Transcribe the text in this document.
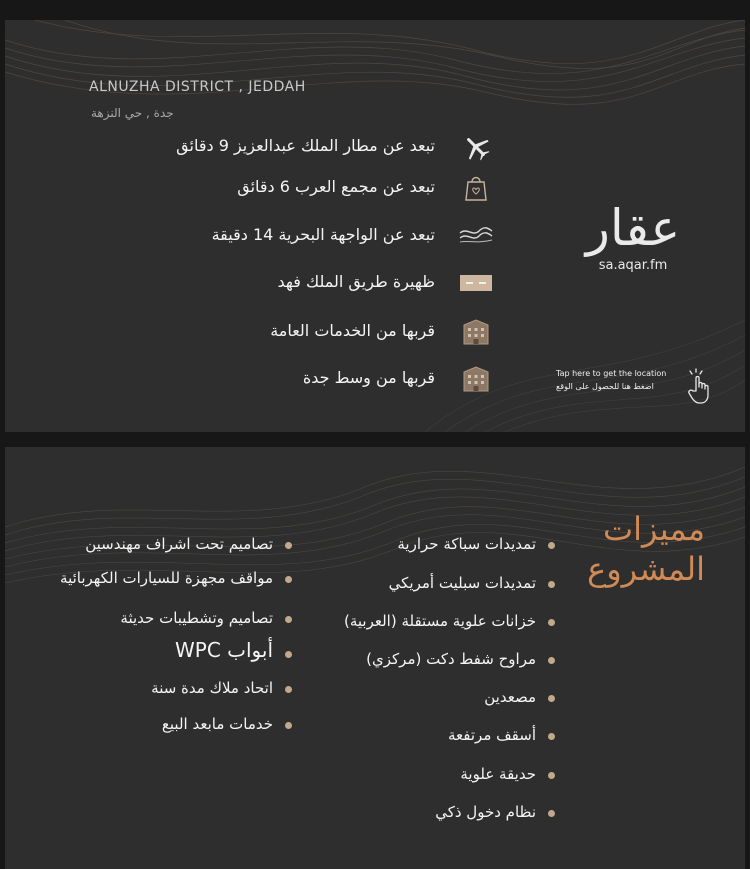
ALNUZHA DISTRICT , JEDDAH
جدة , حي النزهة
تبعد عن مطار الملك عبدالعزيز 9 دقائق
تبعد عن مجمع العرب 6 دقائق
تبعد عن الواجهة البحرية 14 دقيقة
ظهيرة طريق الملك فهد
قربها من الخدمات العامة
قربها من وسط جدة
عقار
sa.aqar.fm
Tap here to get the location
اضغط هنا للحصول على الوقع
مميزات المشروع
تمديدات سباكة حرارية
تمديدات سبليت أمريكي
خزانات علوية مستقلة (العربية)
مراوح شفط دكت (مركزي)
مصعدين
أسقف مرتفعة
حديقة علوية
نظام دخول ذكي
تصاميم تحت اشراف مهندسين
مواقف مجهزة للسيارات الكهربائية
تصاميم وتشطيبات حديثة
أبواب WPC
اتحاد ملاك مدة سنة
خدمات مابعد البيع
